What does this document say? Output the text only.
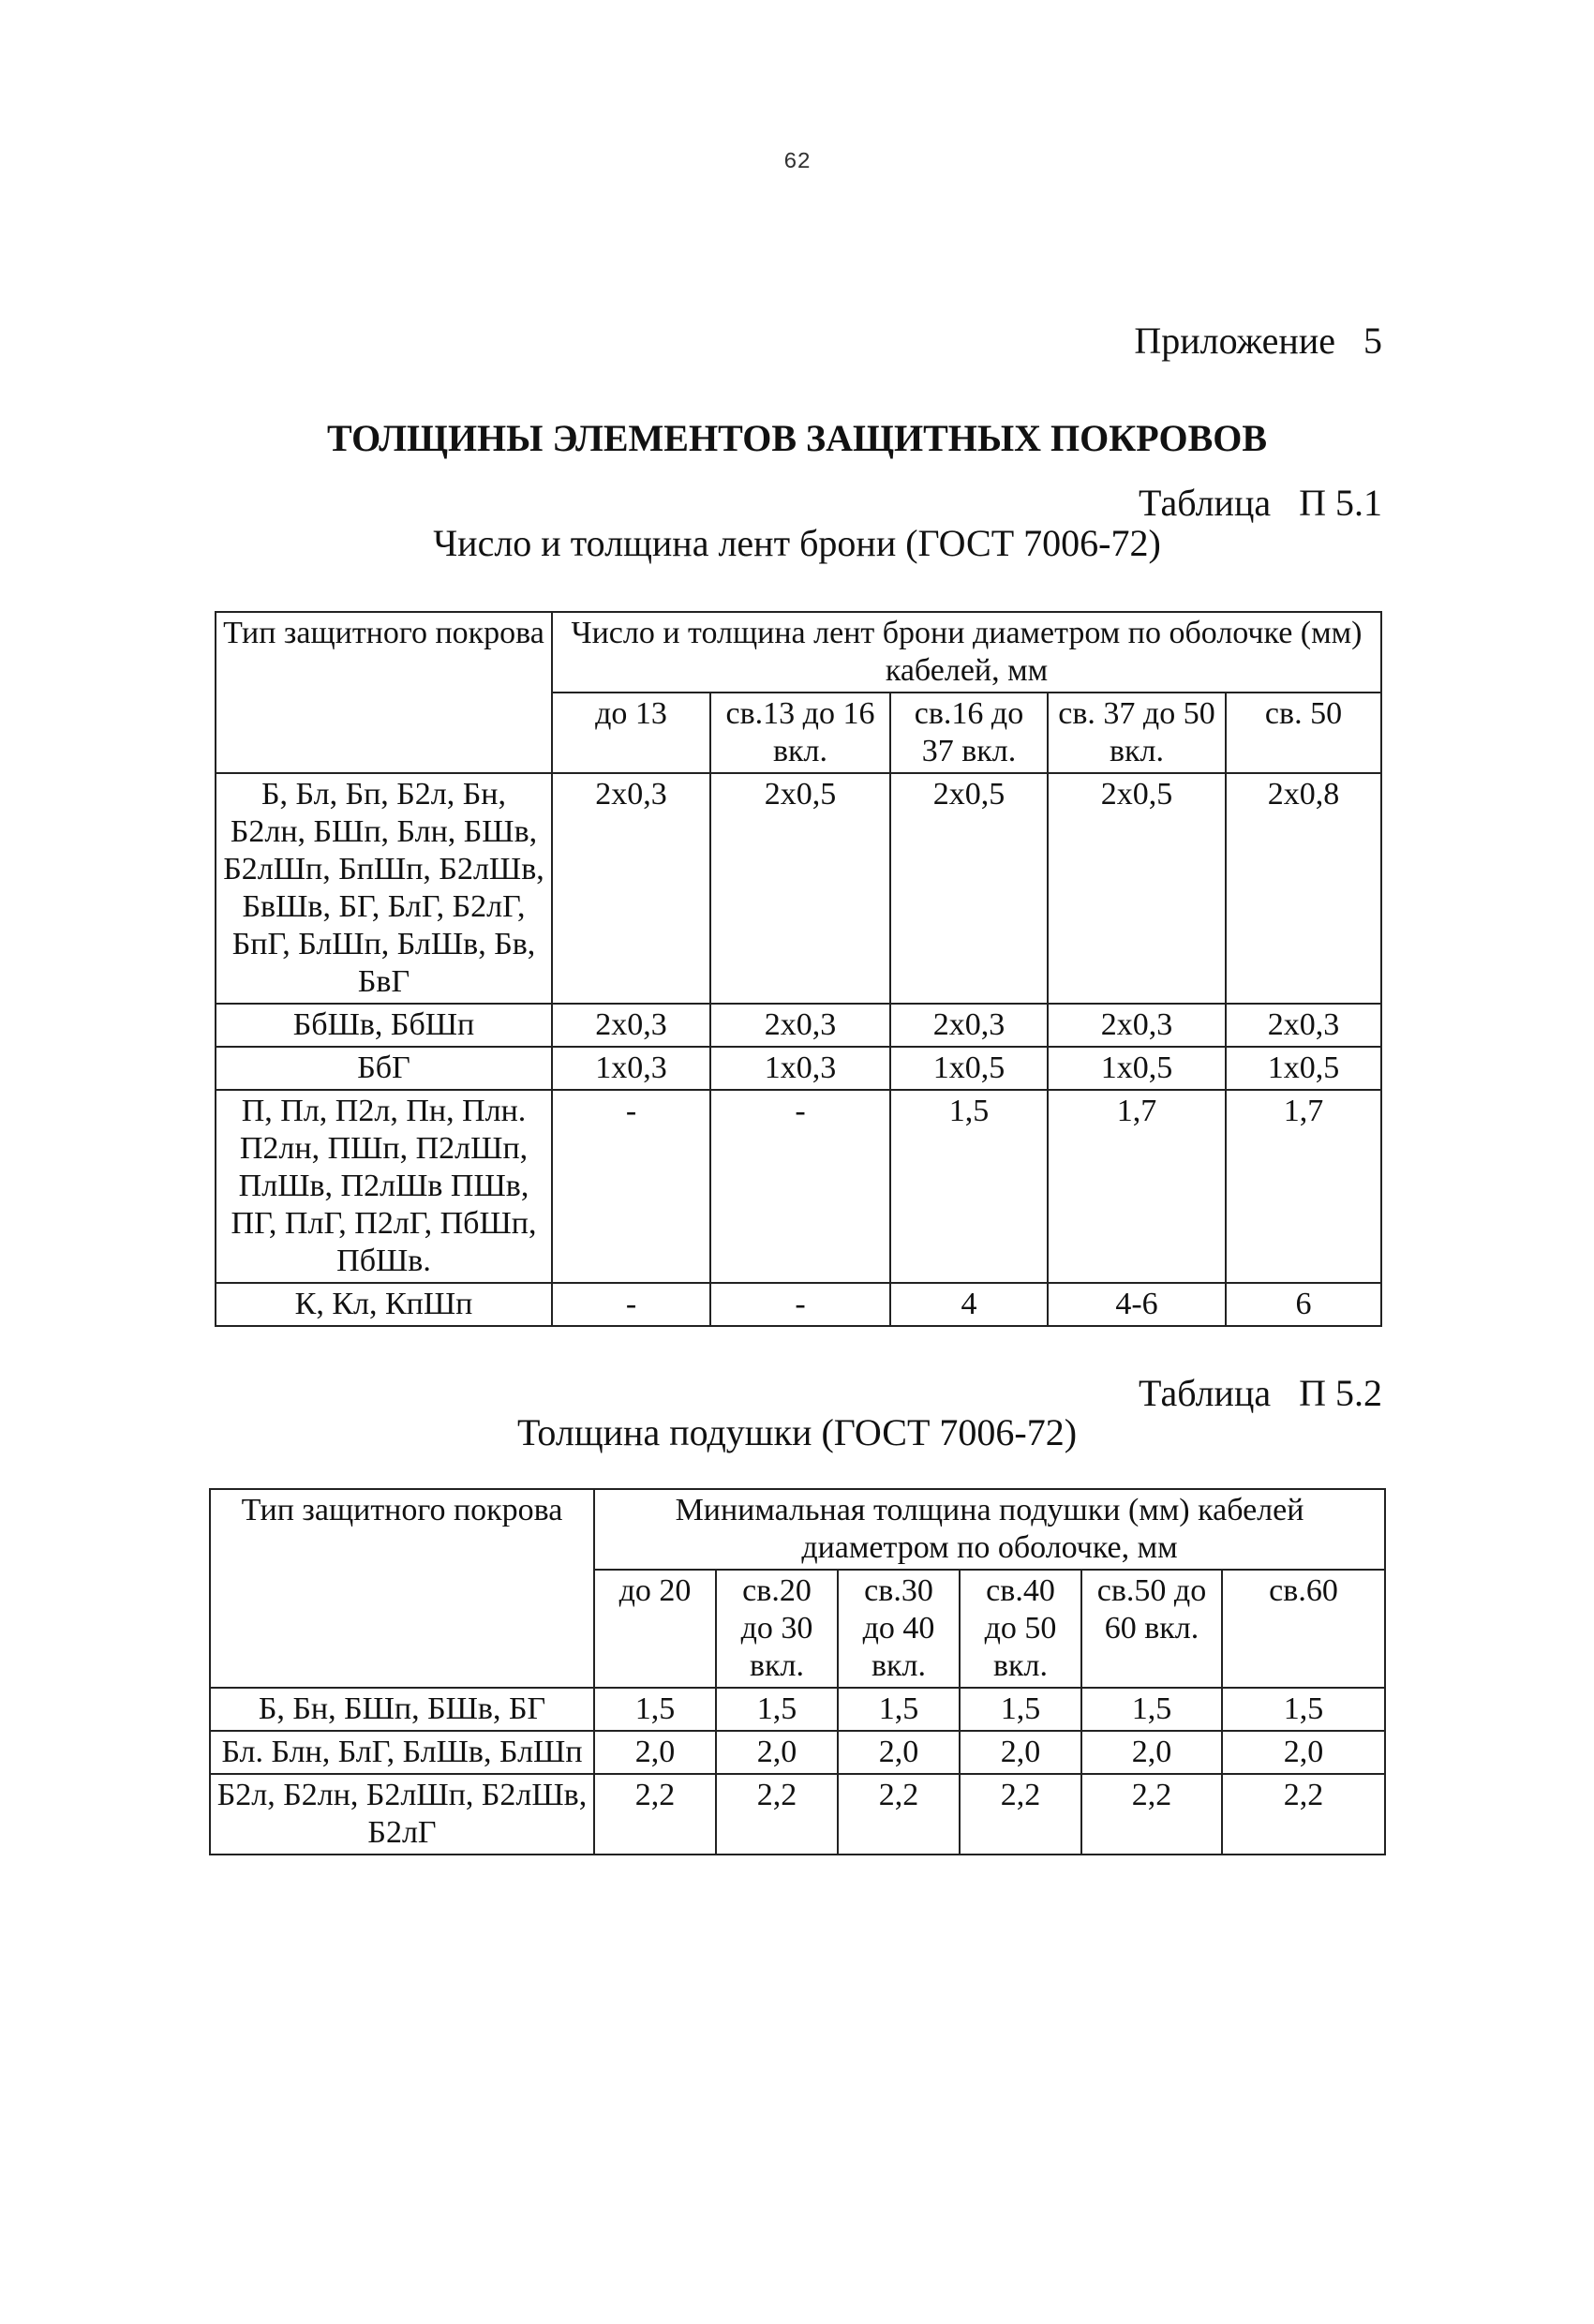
62
Приложение   5
ТОЛЩИНЫ ЭЛЕМЕНТОВ ЗАЩИТНЫХ ПОКРОВОВ
Таблица   П 5.1
Число и толщина лент брони (ГОСТ 7006-72)
Тип защитного покрова	Число и толщина лент брони диаметром по оболочке (мм) кабелей, мм				
	до 13	св.13 до 16 вкл.	св.16 до 37 вкл.	св. 37 до 50 вкл.	св. 50
Б, Бл, Бп, Б2л, Бн, Б2лн, БШп, Блн, БШв, Б2лШп, БпШп, Б2лШв, БвШв, БГ, БлГ, Б2лГ, БпГ, БлШп, БлШв, Бв, БвГ	2х0,3	2х0,5	2х0,5	2х0,5	2х0,8
БбШв, БбШп	2х0,3	2х0,3	2х0,3	2х0,3	2х0,3
БбГ	1х0,3	1х0,3	1х0,5	1х0,5	1х0,5
П, Пл, П2л, Пн, Плн. П2лн, ПШп, П2лШп, ПлШв, П2лШв ПШв, ПГ, ПлГ, П2лГ, ПбШп, ПбШв.	-	-	1,5	1,7	1,7
К, Кл, КпШп	-	-	4	4-6	6
Таблица   П 5.2
Толщина подушки (ГОСТ 7006-72)
Тип защитного покрова	Минимальная толщина подушки (мм) кабелей диаметром по оболочке, мм					
	до 20	св.20 до 30 вкл.	св.30 до 40 вкл.	св.40 до 50 вкл.	св.50 до 60 вкл.	св.60
Б, Бн, БШп, БШв, БГ	1,5	1,5	1,5	1,5	1,5	1,5
Бл. Блн, БлГ, БлШв, БлШп	2,0	2,0	2,0	2,0	2,0	2,0
Б2л, Б2лн, Б2лШп, Б2лШв, Б2лГ	2,2	2,2	2,2	2,2	2,2	2,2
